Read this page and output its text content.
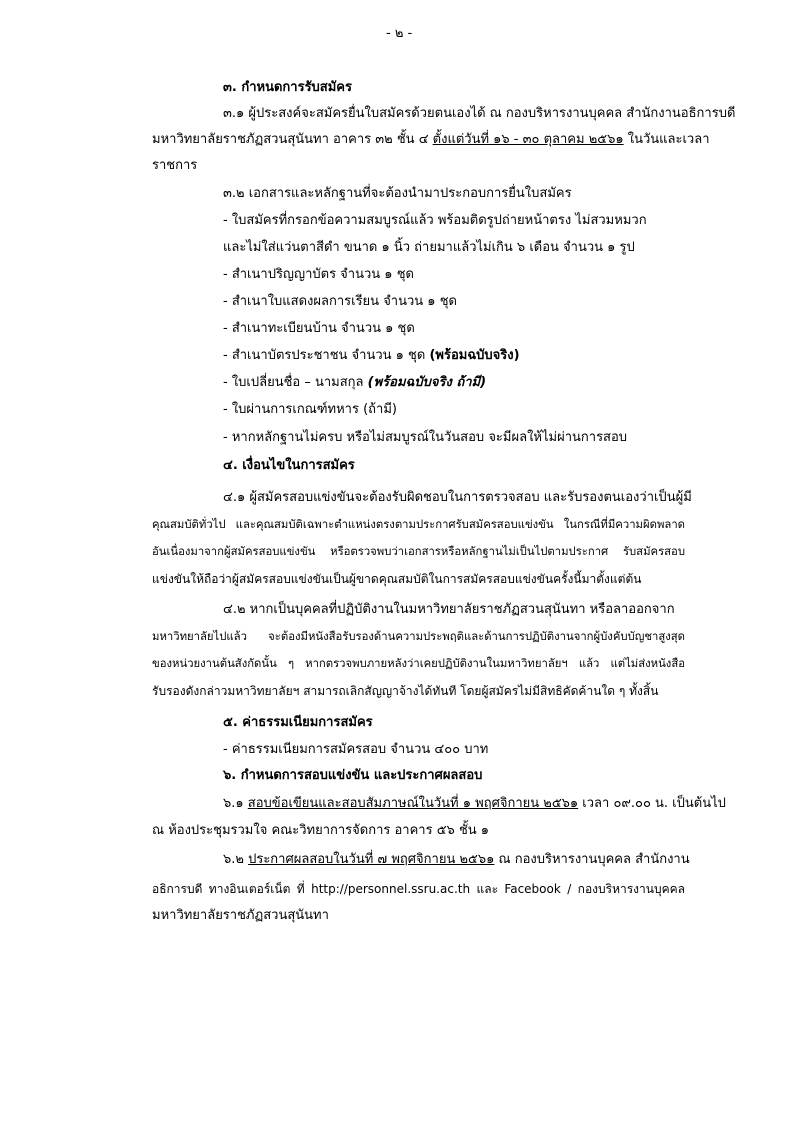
- ๒ -
๓. กำหนดการรับสมัคร
๓.๑ ผู้ประสงค์จะสมัครยื่นใบสมัครด้วยตนเองได้ ณ กองบริหารงานบุคคล สำนักงานอธิการบดี
มหาวิทยาลัยราชภัฏสวนสุนันทา อาคาร ๓๒ ชั้น ๔ ตั้งแต่วันที่ ๑๖ - ๓๐ ตุลาคม ๒๕๖๑ ในวันและเวลา
ราชการ
๓.๒ เอกสารและหลักฐานที่จะต้องนำมาประกอบการยื่นใบสมัคร
- ใบสมัครที่กรอกข้อความสมบูรณ์แล้ว พร้อมติดรูปถ่ายหน้าตรง ไม่สวมหมวก
และไม่ใส่แว่นตาสีดำ ขนาด ๑ นิ้ว ถ่ายมาแล้วไม่เกิน ๖ เดือน จำนวน ๑ รูป
- สำเนาปริญญาบัตร จำนวน ๑ ชุด
- สำเนาใบแสดงผลการเรียน จำนวน ๑ ชุด
- สำเนาทะเบียนบ้าน จำนวน ๑ ชุด
- สำเนาบัตรประชาชน จำนวน ๑ ชุด (พร้อมฉบับจริง)
- ใบเปลี่ยนชื่อ – นามสกุล (พร้อมฉบับจริง ถ้ามี)
- ใบผ่านการเกณฑ์ทหาร (ถ้ามี)
- หากหลักฐานไม่ครบ หรือไม่สมบูรณ์ในวันสอบ จะมีผลให้ไม่ผ่านการสอบ
๔. เงื่อนไขในการสมัคร
๔.๑ ผู้สมัครสอบแข่งขันจะต้องรับผิดชอบในการตรวจสอบ และรับรองตนเองว่าเป็นผู้มี
คุณสมบัติทั่วไป และคุณสมบัติเฉพาะตำแหน่งตรงตามประกาศรับสมัครสอบแข่งขัน ในกรณีที่มีความผิดพลาด
อันเนื่องมาจากผู้สมัครสอบแข่งขัน หรือตรวจพบว่าเอกสารหรือหลักฐานไม่เป็นไปตามประกาศ รับสมัครสอบ
แข่งขันให้ถือว่าผู้สมัครสอบแข่งขันเป็นผู้ขาดคุณสมบัติในการสมัครสอบแข่งขันครั้งนี้มาตั้งแต่ต้น
๔.๒ หากเป็นบุคคลที่ปฏิบัติงานในมหาวิทยาลัยราชภัฏสวนสุนันทา หรือลาออกจาก
มหาวิทยาลัยไปแล้ว จะต้องมีหนังสือรับรองด้านความประพฤติและด้านการปฏิบัติงานจากผู้บังคับบัญชาสูงสุด
ของหน่วยงานต้นสังกัดนั้น ๆ หากตรวจพบภายหลังว่าเคยปฏิบัติงานในมหาวิทยาลัยฯ แล้ว แต่ไม่ส่งหนังสือ
รับรองดังกล่าวมหาวิทยาลัยฯ สามารถเลิกสัญญาจ้างได้ทันที โดยผู้สมัครไม่มีสิทธิคัดค้านใด ๆ ทั้งสิ้น
๕. ค่าธรรมเนียมการสมัคร
- ค่าธรรมเนียมการสมัครสอบ จำนวน ๔๐๐ บาท
๖. กำหนดการสอบแข่งขัน และประกาศผลสอบ
๖.๑ สอบข้อเขียนและสอบสัมภาษณ์ในวันที่ ๑ พฤศจิกายน ๒๕๖๑ เวลา ๐๙.๐๐ น. เป็นต้นไป
ณ ห้องประชุมรวมใจ คณะวิทยาการจัดการ อาคาร ๕๖ ชั้น ๑
๖.๒ ประกาศผลสอบในวันที่ ๗ พฤศจิกายน ๒๕๖๑ ณ กองบริหารงานบุคคล สำนักงาน
อธิการบดี ทางอินเตอร์เน็ต ที่ http://personnel.ssru.ac.th และ Facebook / กองบริหารงานบุคคล
มหาวิทยาลัยราชภัฏสวนสุนันทา
